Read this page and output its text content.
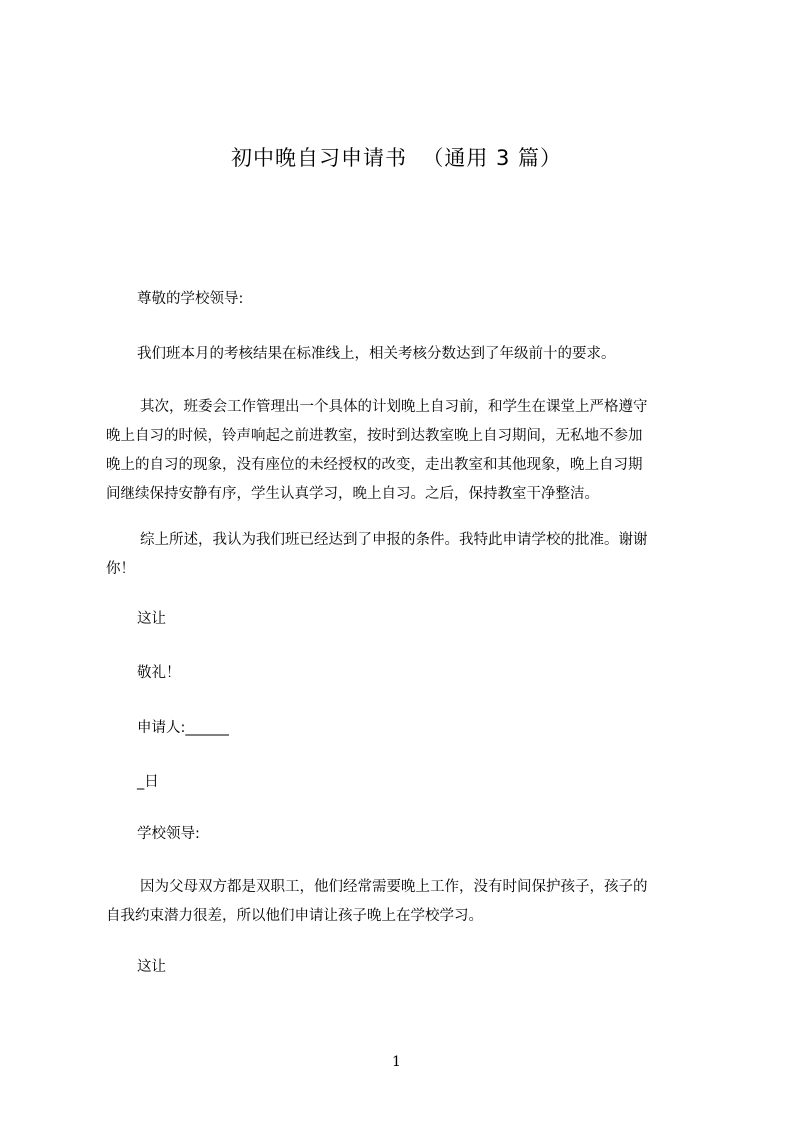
初中晚自习申请书  （通用 3 篇）

尊敬的学校领导:

我们班本月的考核结果在标准线上，相关考核分数达到了年级前十的要求。

其次，班委会工作管理出一个具体的计划晚上自习前，和学生在课堂上严格遵守
晚上自习的时候，铃声响起之前进教室，按时到达教室晚上自习期间，无私地不参加
晚上的自习的现象，没有座位的未经授权的改变，走出教室和其他现象，晚上自习期
间继续保持安静有序，学生认真学习，晚上自习。之后，保持教室干净整洁。
综上所述，我认为我们班已经达到了申报的条件。我特此申请学校的批准。谢谢
你！

这让

敬礼！

申请人:______

_日

学校领导:

因为父母双方都是双职工，他们经常需要晚上工作，没有时间保护孩子，孩子的
自我约束潜力很差，所以他们申请让孩子晚上在学校学习。

这让

1
